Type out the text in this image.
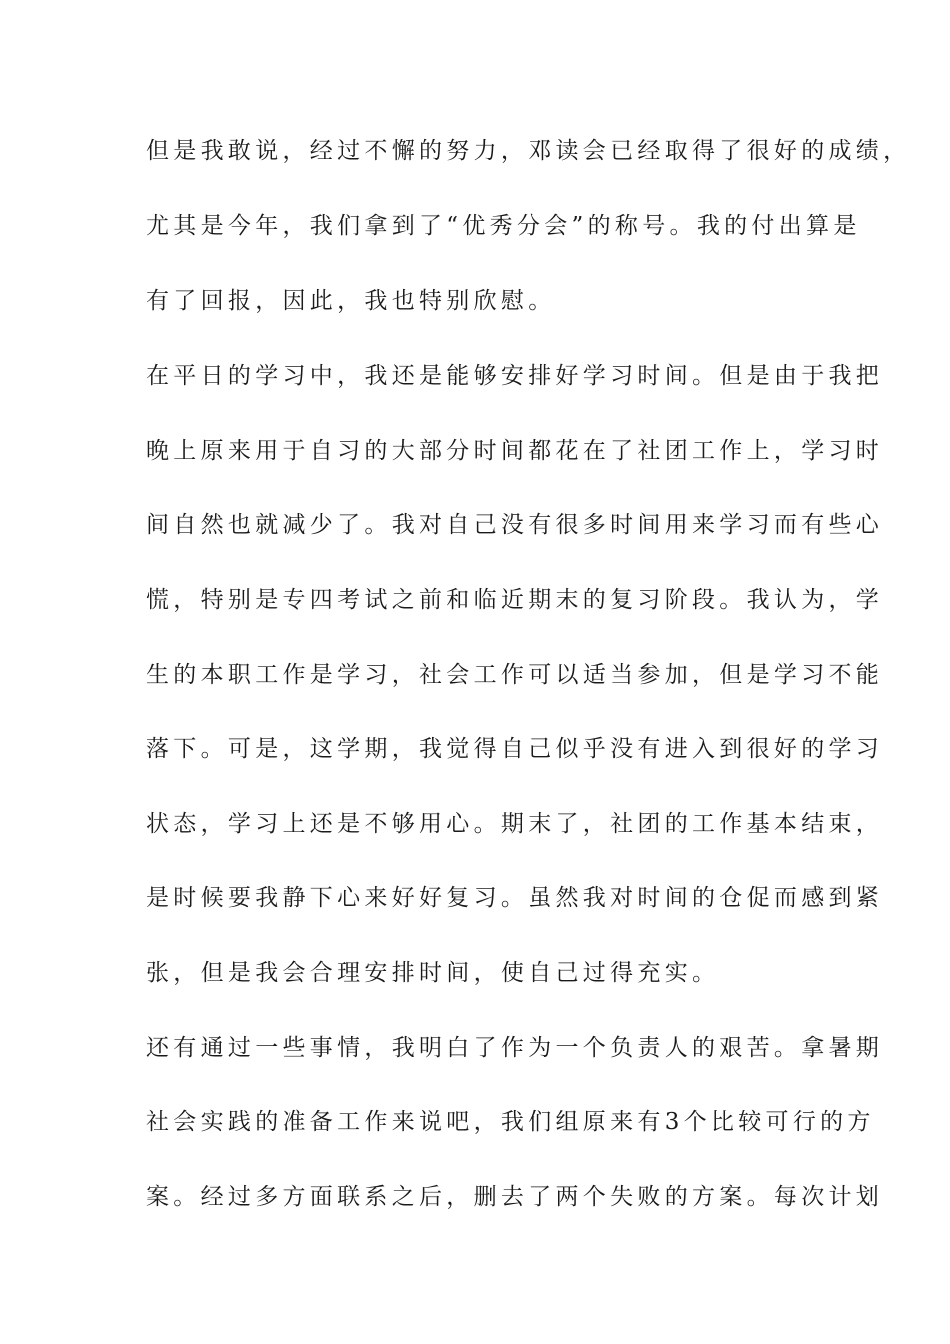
但是我敢说，经过不懈的努力，邓读会已经取得了很好的成绩，
尤其是今年，我们拿到了“优秀分会”的称号。我的付出算是
有了回报，因此，我也特别欣慰。
在平日的学习中，我还是能够安排好学习时间。但是由于我把
晚上原来用于自习的大部分时间都花在了社团工作上，学习时
间自然也就减少了。我对自己没有很多时间用来学习而有些心
慌，特别是专四考试之前和临近期末的复习阶段。我认为，学
生的本职工作是学习，社会工作可以适当参加，但是学习不能
落下。可是，这学期，我觉得自己似乎没有进入到很好的学习
状态，学习上还是不够用心。期末了，社团的工作基本结束，
是时候要我静下心来好好复习。虽然我对时间的仓促而感到紧
张，但是我会合理安排时间，使自己过得充实。
还有通过一些事情，我明白了作为一个负责人的艰苦。拿暑期
社会实践的准备工作来说吧，我们组原来有3个比较可行的方
案。经过多方面联系之后，删去了两个失败的方案。每次计划
